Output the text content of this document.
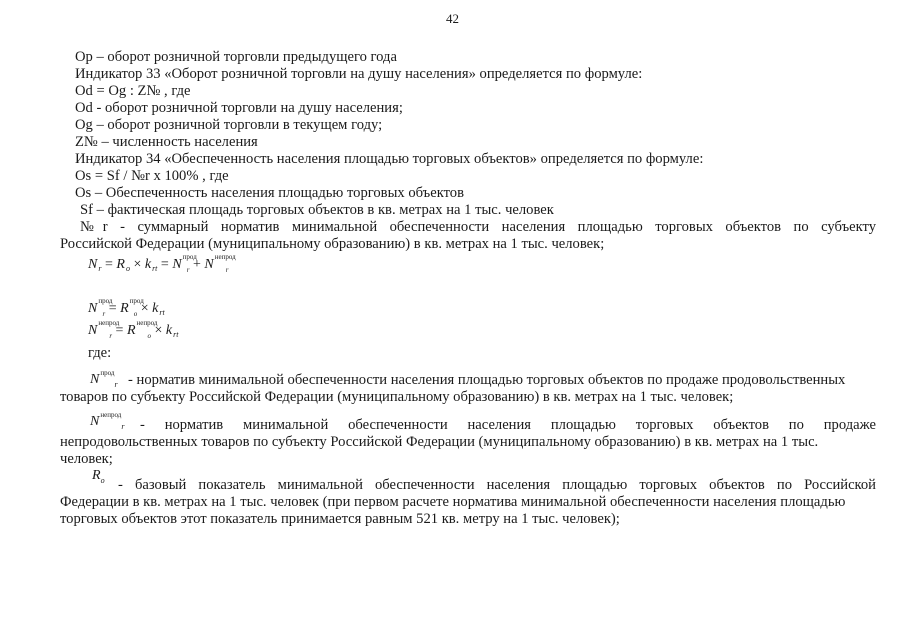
42
Op – оборот розничной торговли предыдущего года
Индикатор 33 «Оборот розничной торговли на душу населения» определяется по формуле:
Od = Og : Z№ , где
Od - оборот розничной торговли на душу населения;
Og – оборот розничной торговли в текущем году;
Z№ – численность населения
Индикатор 34 «Обеспеченность населения площадью торговых объектов» определяется по формуле:
Os = Sf / №r x 100% , где
Os – Обеспеченность населения площадью торговых объектов
Sf – фактическая площадь торговых объектов в кв. метрах на 1 тыс. человек
№r - суммарный норматив минимальной обеспеченности населения площадью торговых объектов по субъекту
Российской Федерации (муниципальному образованию) в кв. метрах на 1 тыс. человек;
$N_r = R_o \times k_{rt} = N^{прод}_r + N^{непрод}_r$
$N^{прод}_r = R^{прод}_o \times k_{rt}$
$N^{непрод}_r = R^{непрод}_o \times k_{rt}$
где:
$N^{прод}_r$ - норматив минимальной обеспеченности населения площадью торговых объектов по продаже продовольственных
товаров по субъекту Российской Федерации (муниципальному образованию) в кв. метрах на 1 тыс. человек;
$N^{непрод}_r$ - норматив минимальной обеспеченности населения площадью торговых объектов по продаже
непродовольственных товаров по субъекту Российской Федерации (муниципальному образованию) в кв. метрах на 1 тыс.
человек;
$R_o$ - базовый показатель минимальной обеспеченности населения площадью торговых объектов по Российской
Федерации в кв. метрах на 1 тыс. человек (при первом расчете норматива минимальной обеспеченности населения площадью
торговых объектов этот показатель принимается равным 521 кв. метру на 1 тыс. человек);
